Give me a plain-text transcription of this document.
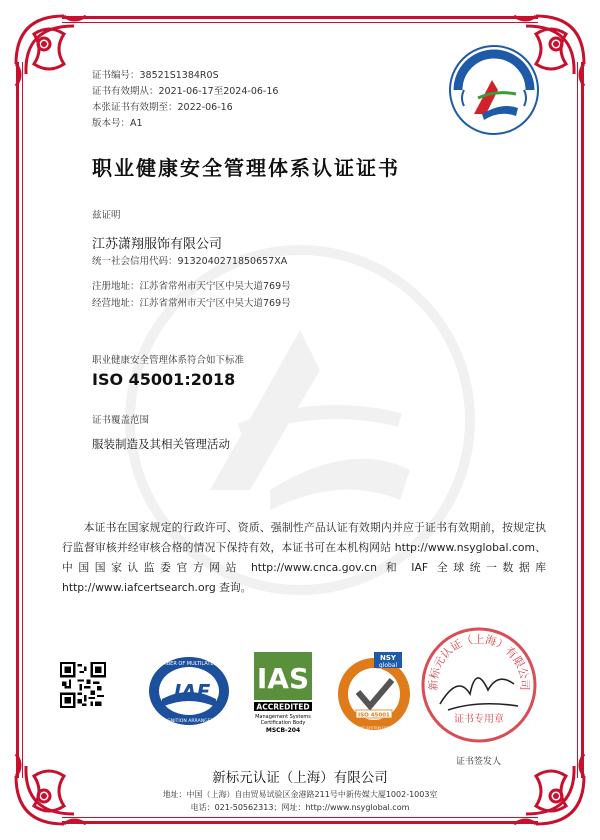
证书编号：38521S1384R0S
证书有效期从：2021-06-17至2024-06-16
本张证书有效期至：2022-06-16
版本号：A1
新标元
职业健康安全管理体系认证证书
兹证明
江苏潇翔服饰有限公司
统一社会信用代码：9132040271850657XA
注册地址：江苏省常州市天宁区中吴大道769号
经营地址：江苏省常州市天宁区中吴大道769号
职业健康安全管理体系符合如下标准
ISO 45001:2018
证书覆盖范围
服装制造及其相关管理活动
本证书在国家规定的行政许可、资质、强制性产品认证有效期内并应于证书有效期前，按规定执行监督审核并经审核合格的情况下保持有效，本证书可在本机构网站 http://www.nsyglobal.com、中国国家认监委官方网站 http://www.cnca.gov.cn 和 IAF 全球统一数据库 http://www.iafcertsearch.org 查询。
MEMBER OF MULTILATERAL
RECOGNITION ARRANGEMENT
IAF IAS
ACCREDITED
Management Systems
Certification Body
MSCB-204
NSY
global
ISO 45001
MANAGEMENT SYSTEM CERTIFICATION
新标元认证（上海）有限公司
证书专用章
证书签发人
新标元认证（上海）有限公司
地址：中国（上海）自由贸易试验区金港路211号中新传媒大厦1002-1003室
电话：021-50562313；网址：http://www.nsyglobal.com
